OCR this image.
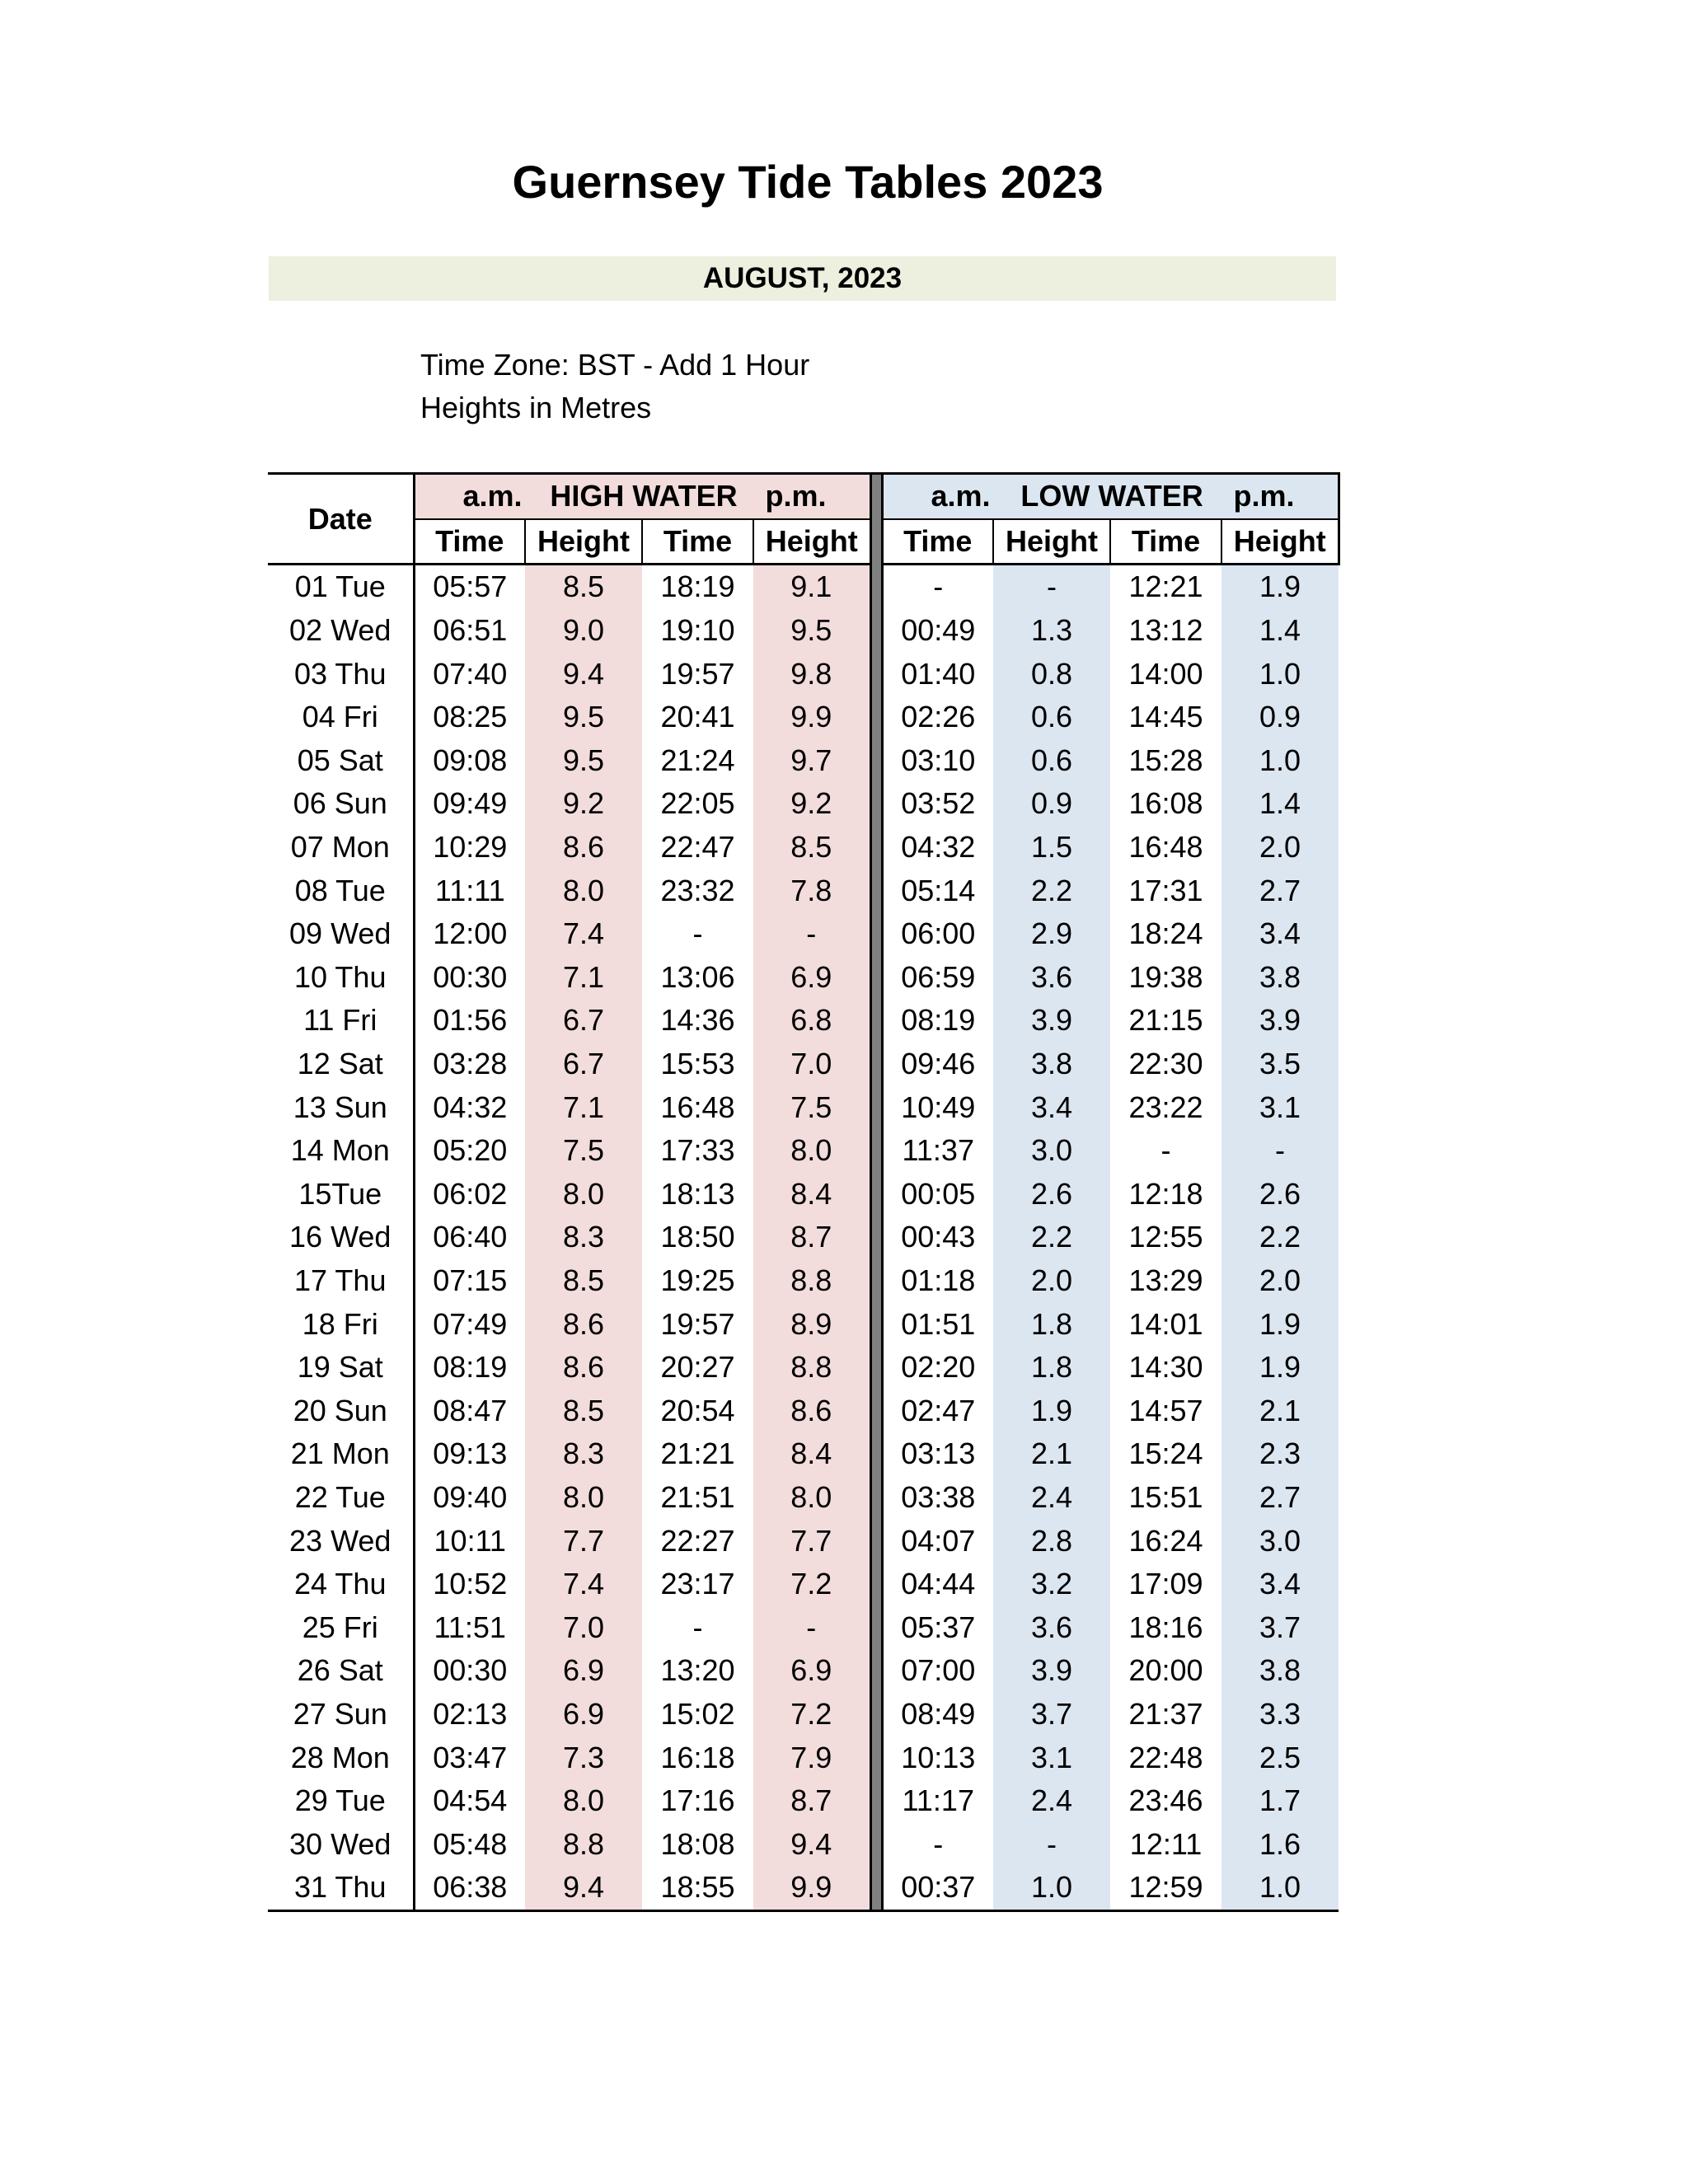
Guernsey Tide Tables 2023
AUGUST, 2023
Time Zone: BST - Add 1 Hour
Heights in Metres
Date	a.m. HIGH WATER p.m.					a.m. LOW WATER p.m.			

	Time	Height	Time	Height		Time	Height	Time	Height
01 Tue	05:57	8.5	18:19	9.1		-	-	12:21	1.9
02 Wed	06:51	9.0	19:10	9.5		00:49	1.3	13:12	1.4
03 Thu	07:40	9.4	19:57	9.8		01:40	0.8	14:00	1.0
04 Fri	08:25	9.5	20:41	9.9		02:26	0.6	14:45	0.9
05 Sat	09:08	9.5	21:24	9.7		03:10	0.6	15:28	1.0
06 Sun	09:49	9.2	22:05	9.2		03:52	0.9	16:08	1.4
07 Mon	10:29	8.6	22:47	8.5		04:32	1.5	16:48	2.0
08 Tue	11:11	8.0	23:32	7.8		05:14	2.2	17:31	2.7
09 Wed	12:00	7.4	-	-		06:00	2.9	18:24	3.4
10 Thu	00:30	7.1	13:06	6.9		06:59	3.6	19:38	3.8
11 Fri	01:56	6.7	14:36	6.8		08:19	3.9	21:15	3.9
12 Sat	03:28	6.7	15:53	7.0		09:46	3.8	22:30	3.5
13 Sun	04:32	7.1	16:48	7.5		10:49	3.4	23:22	3.1
14 Mon	05:20	7.5	17:33	8.0		11:37	3.0	-	-
15Tue	06:02	8.0	18:13	8.4		00:05	2.6	12:18	2.6
16 Wed	06:40	8.3	18:50	8.7		00:43	2.2	12:55	2.2
17 Thu	07:15	8.5	19:25	8.8		01:18	2.0	13:29	2.0
18 Fri	07:49	8.6	19:57	8.9		01:51	1.8	14:01	1.9
19 Sat	08:19	8.6	20:27	8.8		02:20	1.8	14:30	1.9
20 Sun	08:47	8.5	20:54	8.6		02:47	1.9	14:57	2.1
21 Mon	09:13	8.3	21:21	8.4		03:13	2.1	15:24	2.3
22 Tue	09:40	8.0	21:51	8.0		03:38	2.4	15:51	2.7
23 Wed	10:11	7.7	22:27	7.7		04:07	2.8	16:24	3.0
24 Thu	10:52	7.4	23:17	7.2		04:44	3.2	17:09	3.4
25 Fri	11:51	7.0	-	-		05:37	3.6	18:16	3.7
26 Sat	00:30	6.9	13:20	6.9		07:00	3.9	20:00	3.8
27 Sun	02:13	6.9	15:02	7.2		08:49	3.7	21:37	3.3
28 Mon	03:47	7.3	16:18	7.9		10:13	3.1	22:48	2.5
29 Tue	04:54	8.0	17:16	8.7		11:17	2.4	23:46	1.7
30 Wed	05:48	8.8	18:08	9.4		-	-	12:11	1.6
31 Thu	06:38	9.4	18:55	9.9		00:37	1.0	12:59	1.0
